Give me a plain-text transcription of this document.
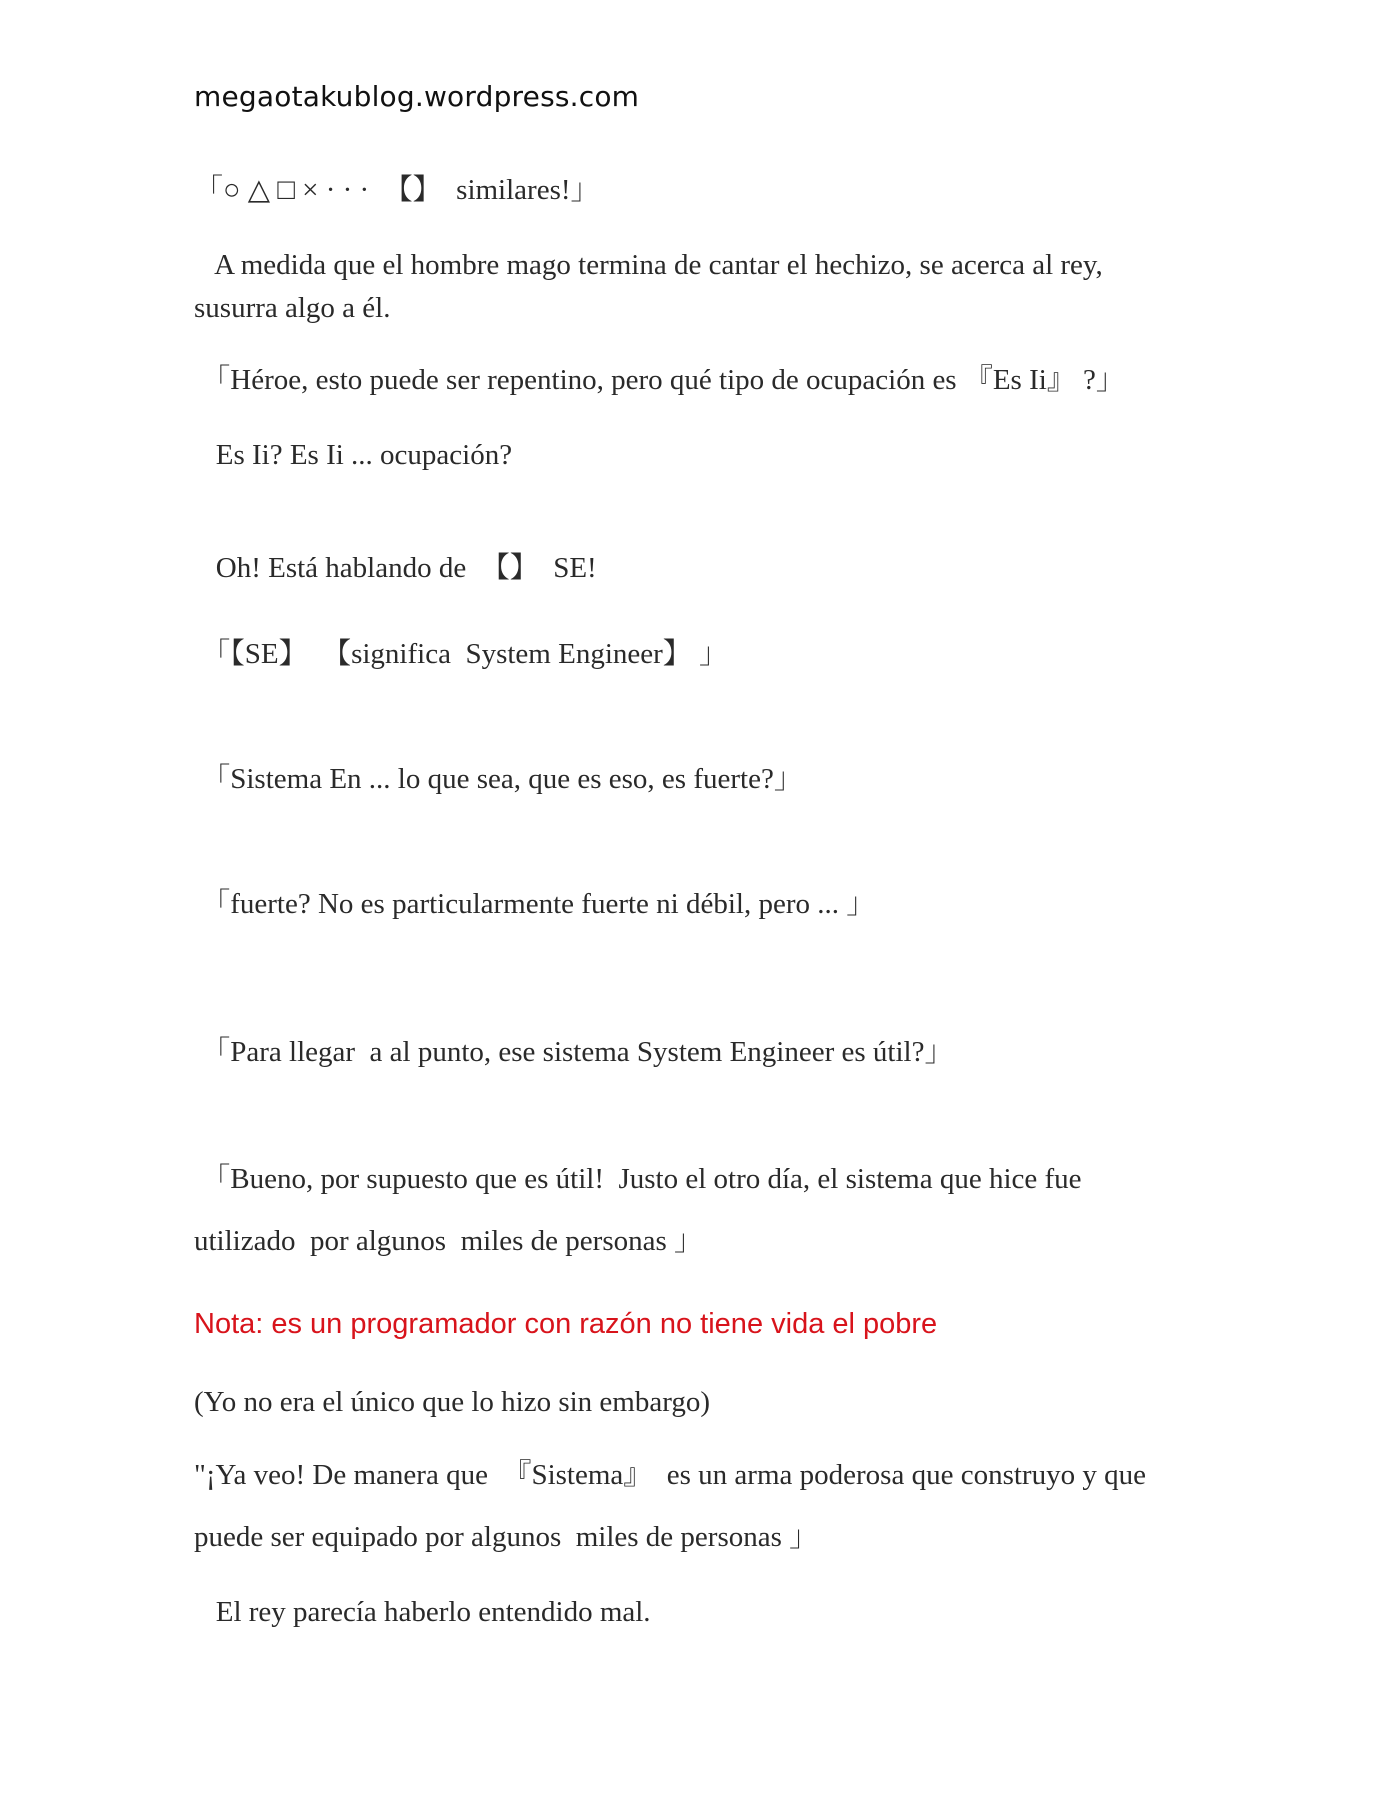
megaotakublog.wordpress.com
「○ △ □ × · · ·  【】  similares!」
A medida que el hombre mago termina de cantar el hechizo, se acerca al rey,
susurra algo a él.
「Héroe, esto puede ser repentino, pero qué tipo de ocupación es 『Es Ii』 ?」
Es Ii? Es Ii ... ocupación?
Oh! Está hablando de  【】  SE!
「【SE】  【significa  System Engineer】 」
「Sistema En ... lo que sea, que es eso, es fuerte?」
「fuerte? No es particularmente fuerte ni débil, pero ... 」
「Para llegar  a al punto, ese sistema System Engineer es útil?」
「Bueno, por supuesto que es útil!  Justo el otro día, el sistema que hice fue
utilizado  por algunos  miles de personas 」
Nota: es un programador con razón no tiene vida el pobre
(Yo no era el único que lo hizo sin embargo)
"¡Ya veo! De manera que  『Sistema』  es un arma poderosa que construyo y que
puede ser equipado por algunos  miles de personas 」
El rey parecía haberlo entendido mal.
